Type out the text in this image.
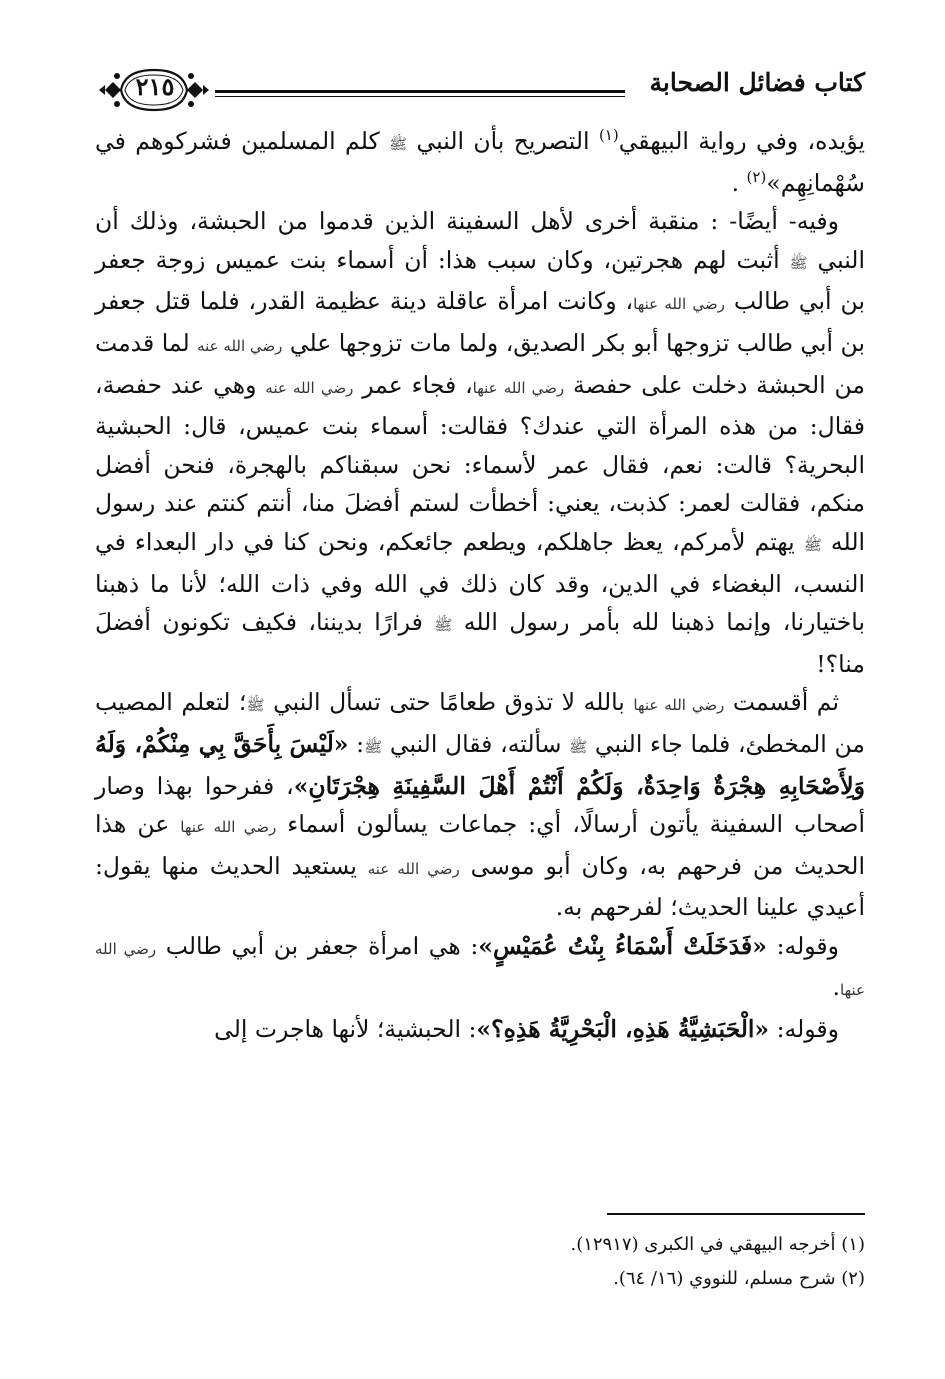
كتاب فضائل الصحابة
٢١٥

يؤيده، وفي رواية البيهقي$^{(١)}$ التصريح بأن النبي ﷺ كلم المسلمين فشركوهم في سُهْمانِهِم»$^{(٢)}$ .

وفيه- أيضًا- : منقبة أخرى لأهل السفينة الذين قدموا من الحبشة، وذلك أن النبي ﷺ أثبت لهم هجرتين، وكان سبب هذا: أن أسماء بنت عميس زوجة جعفر بن أبي طالب رضي الله عنها، وكانت امرأة عاقلة دينة عظيمة القدر، فلما قتل جعفر بن أبي طالب تزوجها أبو بكر الصديق، ولما مات تزوجها علي رضي الله عنه لما قدمت من الحبشة دخلت على حفصة رضي الله عنها، فجاء عمر رضي الله عنه وهي عند حفصة، فقال: من هذه المرأة التي عندك؟ فقالت: أسماء بنت عميس، قال: الحبشية البحرية؟ قالت: نعم، فقال عمر لأسماء: نحن سبقناكم بالهجرة، فنحن أفضل منكم، فقالت لعمر: كذبت، يعني: أخطأت لستم أفضلَ منا، أنتم كنتم عند رسول الله ﷺ يهتم لأمركم، يعظ جاهلكم، ويطعم جائعكم، ونحن كنا في دار البعداء في النسب، البغضاء في الدين، وقد كان ذلك في الله وفي ذات الله؛ لأنا ما ذهبنا باختيارنا، وإنما ذهبنا لله بأمر رسول الله ﷺ فرارًا بديننا، فكيف تكونون أفضلَ منا؟!

ثم أقسمت رضي الله عنها بالله لا تذوق طعامًا حتى تسأل النبي ﷺ؛ لتعلم المصيب من المخطئ، فلما جاء النبي ﷺ سألته، فقال النبي ﷺ: «لَيْسَ بِأَحَقَّ بِي مِنْكُمْ، وَلَهُ وَلِأَصْحَابِهِ هِجْرَةٌ وَاحِدَةٌ، وَلَكُمْ أَنْتُمْ أَهْلَ السَّفِينَةِ هِجْرَتَانِ»، ففرحوا بهذا وصار أصحاب السفينة يأتون أرسالًا، أي: جماعات يسألون أسماء رضي الله عنها عن هذا الحديث من فرحهم به، وكان أبو موسى رضي الله عنه يستعيد الحديث منها يقول: أعيدي علينا الحديث؛ لفرحهم به.

وقوله: «فَدَخَلَتْ أَسْمَاءُ بِنْتُ عُمَيْسٍ»: هي امرأة جعفر بن أبي طالب رضي الله عنها.

وقوله: «الْحَبَشِيَّةُ هَذِهِ، الْبَحْرِيَّةُ هَذِهِ؟»: الحبشية؛ لأنها هاجرت إلى

(١) أخرجه البيهقي في الكبرى (١٢٩١٧).

(٢) شرح مسلم، للنووي (١٦/ ٦٤).
